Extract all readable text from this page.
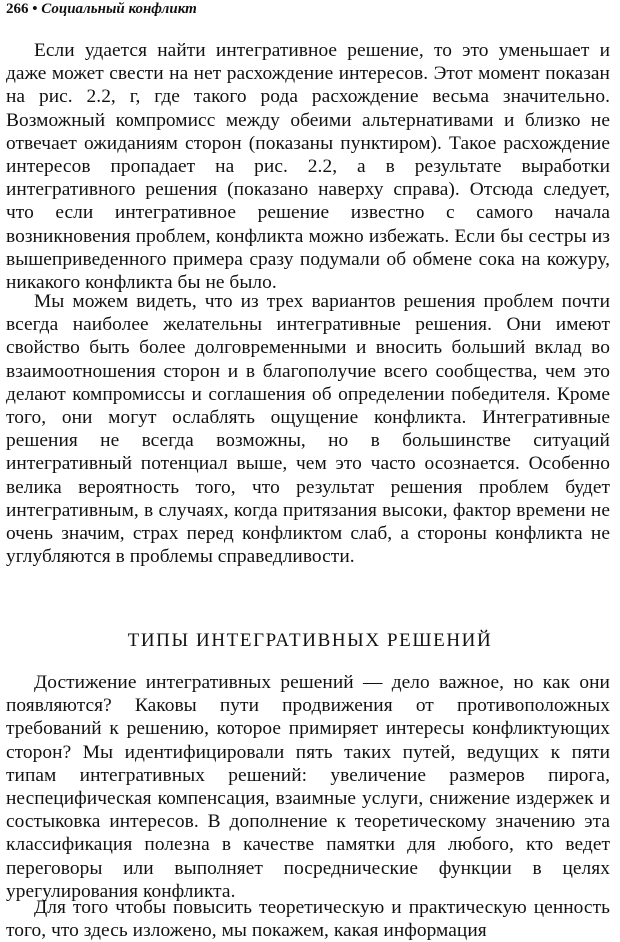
266 • Социальный конфликт

Если удается найти интегративное решение, то это уменьшает и даже может свести на нет расхождение интересов. Этот момент показан на рис. 2.2, г, где такого рода расхождение весьма значительно. Возможный компромисс между обеими альтернативами и близко не отвечает ожиданиям сторон (показаны пунктиром). Такое расхождение интересов пропадает на рис. 2.2, а в результате выработки интегративного решения (показано наверху справа). Отсюда следует, что если интегративное решение известно с самого начала возникновения проблем, конфликта можно избежать. Если бы сестры из вышеприведенного примера сразу подумали об обмене сока на кожуру, никакого конфликта бы не было.

Мы можем видеть, что из трех вариантов решения проблем почти всегда наиболее желательны интегративные решения. Они имеют свойство быть более долговременными и вносить больший вклад во взаимоотношения сторон и в благополучие всего сообщества, чем это делают компромиссы и соглашения об определении победителя. Кроме того, они могут ослаблять ощущение конфликта. Интегративные решения не всегда возможны, но в большинстве ситуаций интегративный потенциал выше, чем это часто осознается. Особенно велика вероятность того, что результат решения проблем будет интегративным, в случаях, когда притязания высоки, фактор времени не очень значим, страх перед конфликтом слаб, а стороны конфликта не углубляются в проблемы справедливости.

ТИПЫ ИНТЕГРАТИВНЫХ РЕШЕНИЙ

Достижение интегративных решений — дело важное, но как они появляются? Каковы пути продвижения от противоположных требований к решению, которое примиряет интересы конфликтующих сторон? Мы идентифицировали пять таких путей, ведущих к пяти типам интегративных решений: увеличение размеров пирога, неспецифическая компенсация, взаимные услуги, снижение издержек и состыковка интересов. В дополнение к теоретическому значению эта классификация полезна в качестве памятки для любого, кто ведет переговоры или выполняет посреднические функции в целях урегулирования конфликта.

Для того чтобы повысить теоретическую и практическую ценность того, что здесь изложено, мы покажем, какая информация
